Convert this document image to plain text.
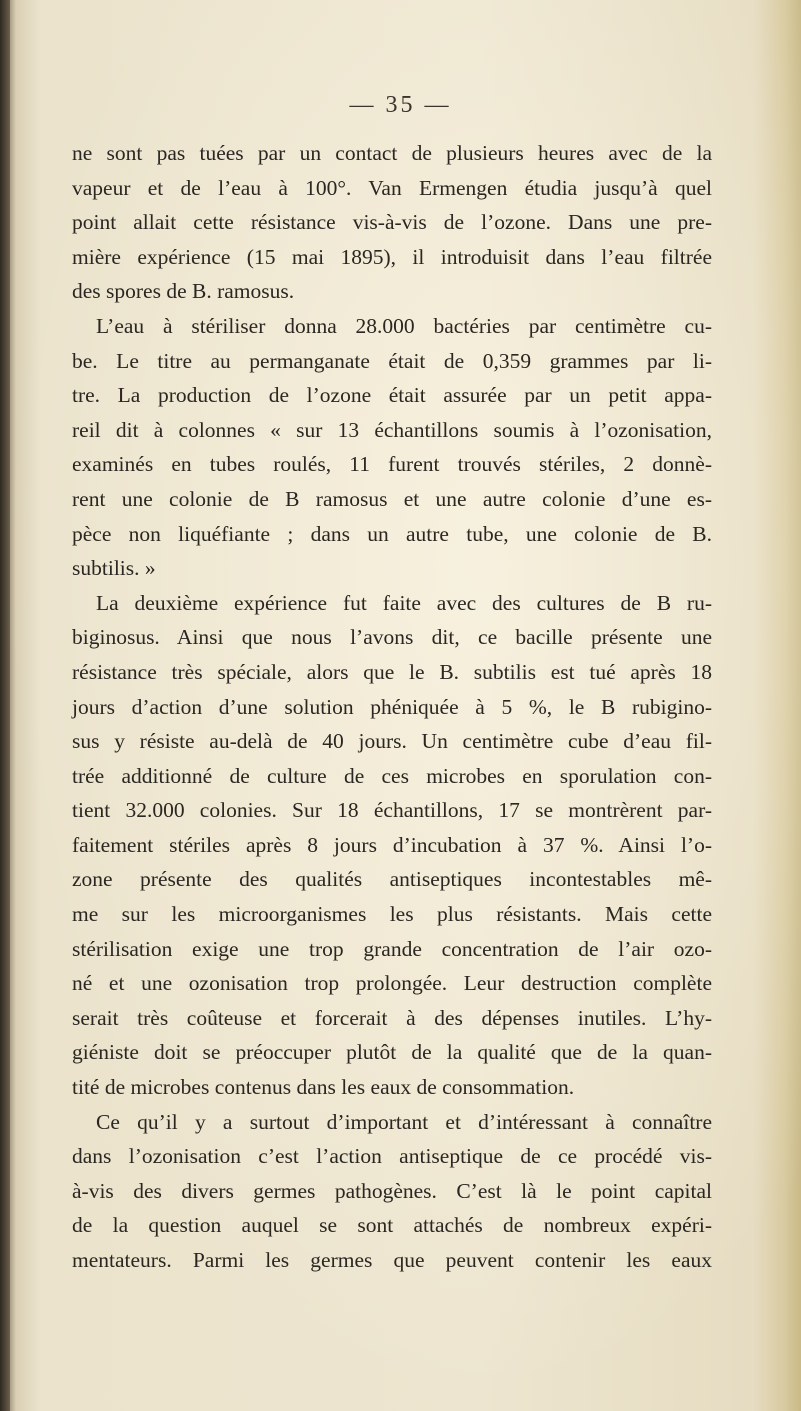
— 35 —
ne sont pas tuées par un contact de plusieurs heures avec de la
vapeur et de l’eau à 100°. Van Ermengen étudia jusqu’à quel
point allait cette résistance vis-à-vis de l’ozone. Dans une pre-
mière expérience (15 mai 1895), il introduisit dans l’eau filtrée
des spores de B. ramosus.
L’eau à stériliser donna 28.000 bactéries par centimètre cu-
be. Le titre au permanganate était de 0,359 grammes par li-
tre. La production de l’ozone était assurée par un petit appa-
reil dit à colonnes « sur 13 échantillons soumis à l’ozonisation,
examinés en tubes roulés, 11 furent trouvés stériles, 2 donnè-
rent une colonie de B ramosus et une autre colonie d’une es-
pèce non liquéfiante ; dans un autre tube, une colonie de B.
subtilis. »
La deuxième expérience fut faite avec des cultures de B ru-
biginosus. Ainsi que nous l’avons dit, ce bacille présente une
résistance très spéciale, alors que le B. subtilis est tué après 18
jours d’action d’une solution phéniquée à 5 %, le B rubigino-
sus y résiste au-delà de 40 jours. Un centimètre cube d’eau fil-
trée additionné de culture de ces microbes en sporulation con-
tient 32.000 colonies. Sur 18 échantillons, 17 se montrèrent par-
faitement stériles après 8 jours d’incubation à 37 %. Ainsi l’o-
zone présente des qualités antiseptiques incontestables mê-
me sur les microorganismes les plus résistants. Mais cette
stérilisation exige une trop grande concentration de l’air ozo-
né et une ozonisation trop prolongée. Leur destruction complète
serait très coûteuse et forcerait à des dépenses inutiles. L’hy-
giéniste doit se préoccuper plutôt de la qualité que de la quan-
tité de microbes contenus dans les eaux de consommation.
Ce qu’il y a surtout d’important et d’intéressant à connaître
dans l’ozonisation c’est l’action antiseptique de ce procédé vis-
à-vis des divers germes pathogènes. C’est là le point capital
de la question auquel se sont attachés de nombreux expéri-
mentateurs. Parmi les germes que peuvent contenir les eaux
